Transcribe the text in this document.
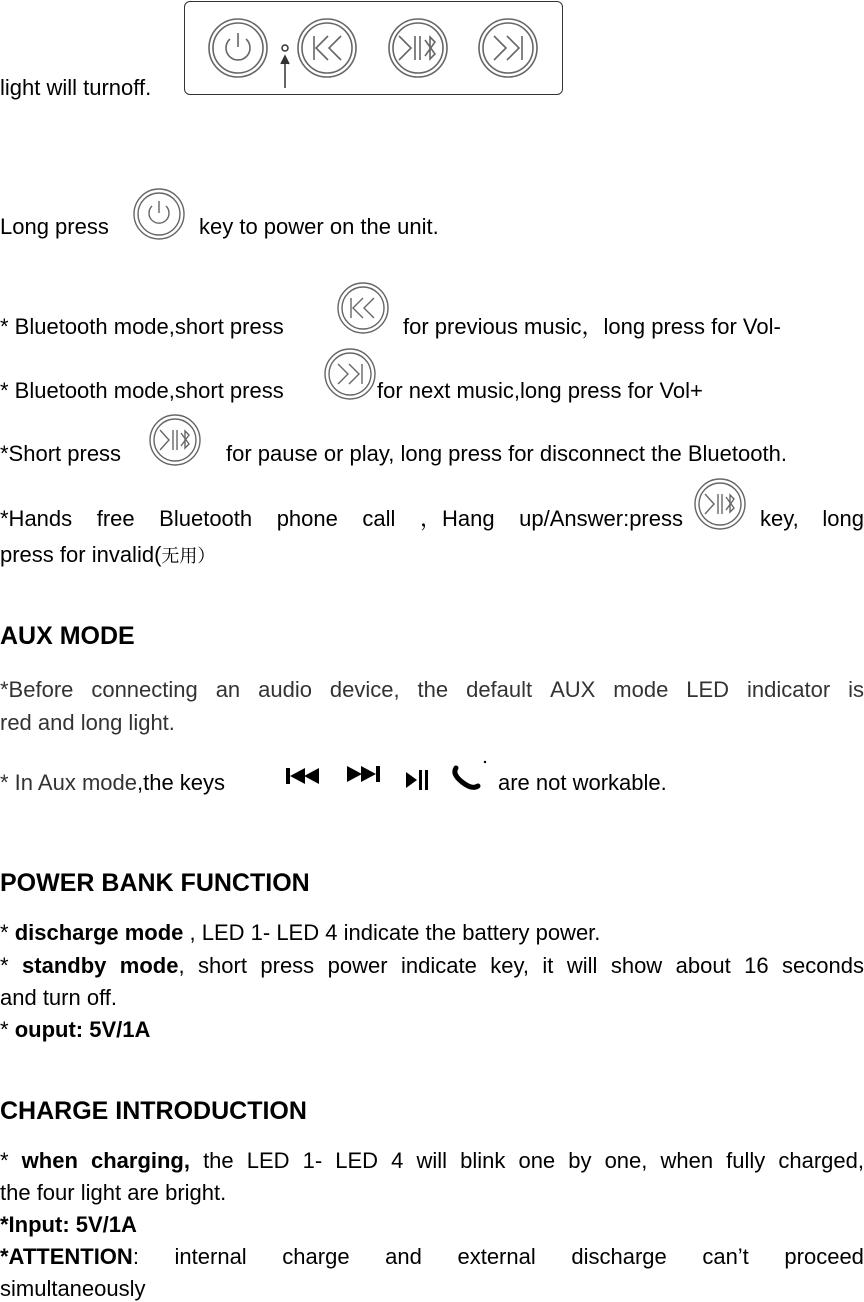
light will turnoff.
Long press	key to power on the unit.
* Bluetooth mode,short press	for previous music，long press for Vol-
* Bluetooth mode,short press	for next music,long press for Vol+
*Short press	for pause or play, long press for disconnect the Bluetooth.
*Hands free Bluetooth phone call ，Hang up/Answer:press	key, long
press for invalid(无用）
AUX MODE
*Before connecting an audio device, the default AUX mode LED indicator is
red and long light.
* In Aux mode,the keys	are not workable.
POWER BANK FUNCTION
* discharge mode , LED 1- LED 4 indicate the battery power.
* standby mode, short press power indicate key, it will show about 16 seconds
and turn off.
* ouput: 5V/1A
CHARGE INTRODUCTION
* when charging, the LED 1- LED 4 will blink one by one, when fully charged,
the four light are bright.
*Input: 5V/1A
*ATTENTION: internal charge and external discharge can’t proceed
simultaneously
